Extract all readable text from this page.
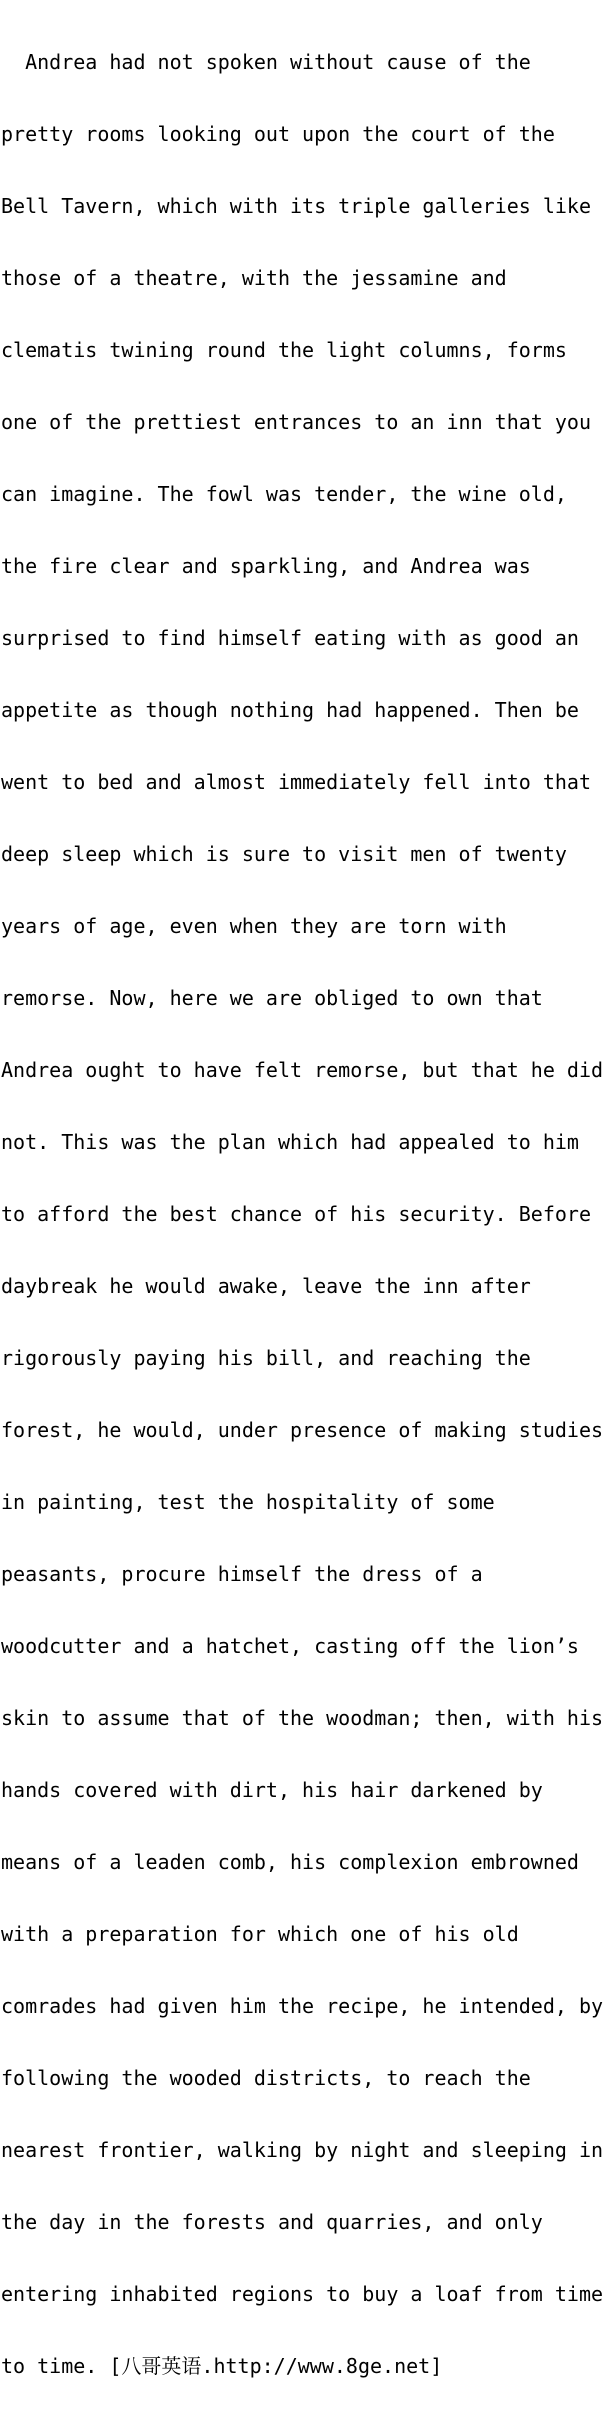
Andrea had not spoken without cause of the

pretty rooms looking out upon the court of the

Bell Tavern, which with its triple galleries like

those of a theatre, with the jessamine and

clematis twining round the light columns, forms

one of the prettiest entrances to an inn that you

can imagine. The fowl was tender, the wine old,

the fire clear and sparkling, and Andrea was

surprised to find himself eating with as good an

appetite as though nothing had happened. Then be

went to bed and almost immediately fell into that

deep sleep which is sure to visit men of twenty

years of age, even when they are torn with

remorse. Now, here we are obliged to own that

Andrea ought to have felt remorse, but that he did

not. This was the plan which had appealed to him

to afford the best chance of his security. Before

daybreak he would awake, leave the inn after

rigorously paying his bill, and reaching the

forest, he would, under presence of making studies

in painting, test the hospitality of some

peasants, procure himself the dress of a

woodcutter and a hatchet, casting off the lion’s

skin to assume that of the woodman; then, with his

hands covered with dirt, his hair darkened by

means of a leaden comb, his complexion embrowned

with a preparation for which one of his old

comrades had given him the recipe, he intended, by

following the wooded districts, to reach the

nearest frontier, walking by night and sleeping in

the day in the forests and quarries, and only

entering inhabited regions to buy a loaf from time

to time. [八哥英语.http://www.8ge.net]
